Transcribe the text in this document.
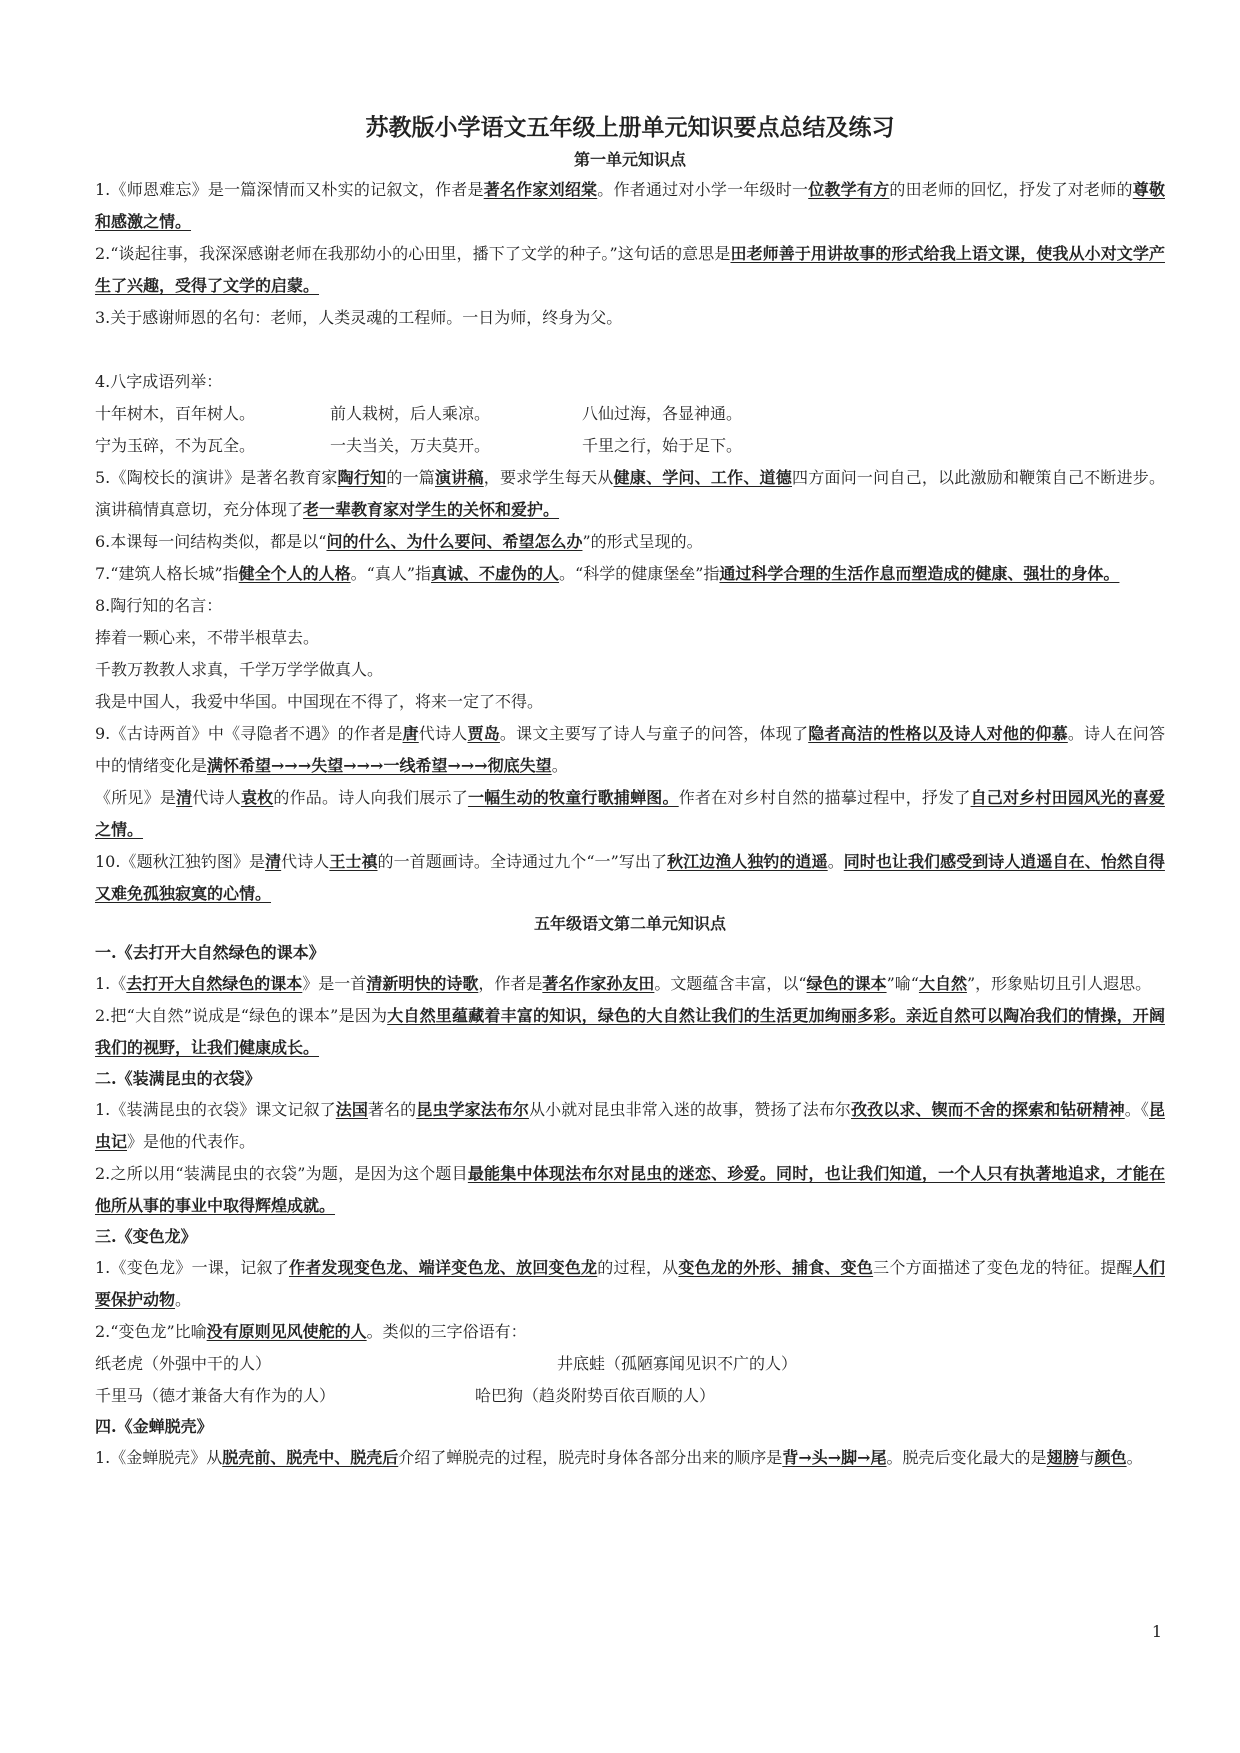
苏教版小学语文五年级上册单元知识要点总结及练习
第一单元知识点

1.《师恩难忘》是一篇深情而又朴实的记叙文，作者是著名作家刘绍棠。作者通过对小学一年级时一位教学有方的田老师的回忆，抒发了对老师的尊敬和感激之情。

2.“谈起往事，我深深感谢老师在我那幼小的心田里，播下了文学的种子。”这句话的意思是田老师善于用讲故事的形式给我上语文课，使我从小对文学产生了兴趣，受得了文学的启蒙。

3.关于感谢师恩的名句：老师，人类灵魂的工程师。一日为师，终身为父。

4.八字成语列举：

十年树木，百年树人。	前人栽树，后人乘凉。	八仙过海，各显神通。
宁为玉碎，不为瓦全。	一夫当关，万夫莫开。	千里之行，始于足下。

5.《陶校长的演讲》是著名教育家陶行知的一篇演讲稿，要求学生每天从健康、学问、工作、道德四方面问一问自己，以此激励和鞭策自己不断进步。演讲稿情真意切，充分体现了老一辈教育家对学生的关怀和爱护。

6.本课每一问结构类似，都是以“问的什么、为什么要问、希望怎么办”的形式呈现的。

7.“建筑人格长城”指健全个人的人格。“真人”指真诚、不虚伪的人。“科学的健康堡垒”指通过科学合理的生活作息而塑造成的健康、强壮的身体。

8.陶行知的名言：

捧着一颗心来，不带半根草去。

千教万教教人求真，千学万学学做真人。

我是中国人，我爱中华国。中国现在不得了，将来一定了不得。

9.《古诗两首》中《寻隐者不遇》的作者是唐代诗人贾岛。课文主要写了诗人与童子的问答，体现了隐者高洁的性格以及诗人对他的仰慕。诗人在问答中的情绪变化是满怀希望→→→失望→→→一线希望→→→彻底失望。

《所见》是清代诗人袁枚的作品。诗人向我们展示了一幅生动的牧童行歌捕蝉图。作者在对乡村自然的描摹过程中，抒发了自己对乡村田园风光的喜爱之情。

10.《题秋江独钓图》是清代诗人王士禛的一首题画诗。全诗通过九个“一”写出了秋江边渔人独钓的逍遥。同时也让我们感受到诗人逍遥自在、怡然自得又难免孤独寂寞的心情。

五年级语文第二单元知识点
一.《去打开大自然绿色的课本》

1.《去打开大自然绿色的课本》是一首清新明快的诗歌，作者是著名作家孙友田。文题蕴含丰富，以“绿色的课本”喻“大自然”，形象贴切且引人遐思。

2.把“大自然”说成是“绿色的课本”是因为大自然里蕴藏着丰富的知识，绿色的大自然让我们的生活更加绚丽多彩。亲近自然可以陶冶我们的情操，开阔我们的视野，让我们健康成长。

二.《装满昆虫的衣袋》

1.《装满昆虫的衣袋》课文记叙了法国著名的昆虫学家法布尔从小就对昆虫非常入迷的故事，赞扬了法布尔孜孜以求、锲而不舍的探索和钻研精神。《昆虫记》是他的代表作。

2.之所以用“装满昆虫的衣袋”为题，是因为这个题目最能集中体现法布尔对昆虫的迷恋、珍爱。同时，也让我们知道，一个人只有执著地追求，才能在他所从事的事业中取得辉煌成就。

三.《变色龙》

1.《变色龙》一课，记叙了作者发现变色龙、端详变色龙、放回变色龙的过程，从变色龙的外形、捕食、变色三个方面描述了变色龙的特征。提醒人们要保护动物。

2.“变色龙”比喻没有原则见风使舵的人。类似的三字俗语有：

纸老虎（外强中干的人）	井底蛙（孤陋寡闻见识不广的人）
千里马（德才兼备大有作为的人）	哈巴狗（趋炎附势百依百顺的人）
四.《金蝉脱壳》

1.《金蝉脱壳》从脱壳前、脱壳中、脱壳后介绍了蝉脱壳的过程，脱壳时身体各部分出来的顺序是背→头→脚→尾。脱壳后变化最大的是翅膀与颜色。

1
